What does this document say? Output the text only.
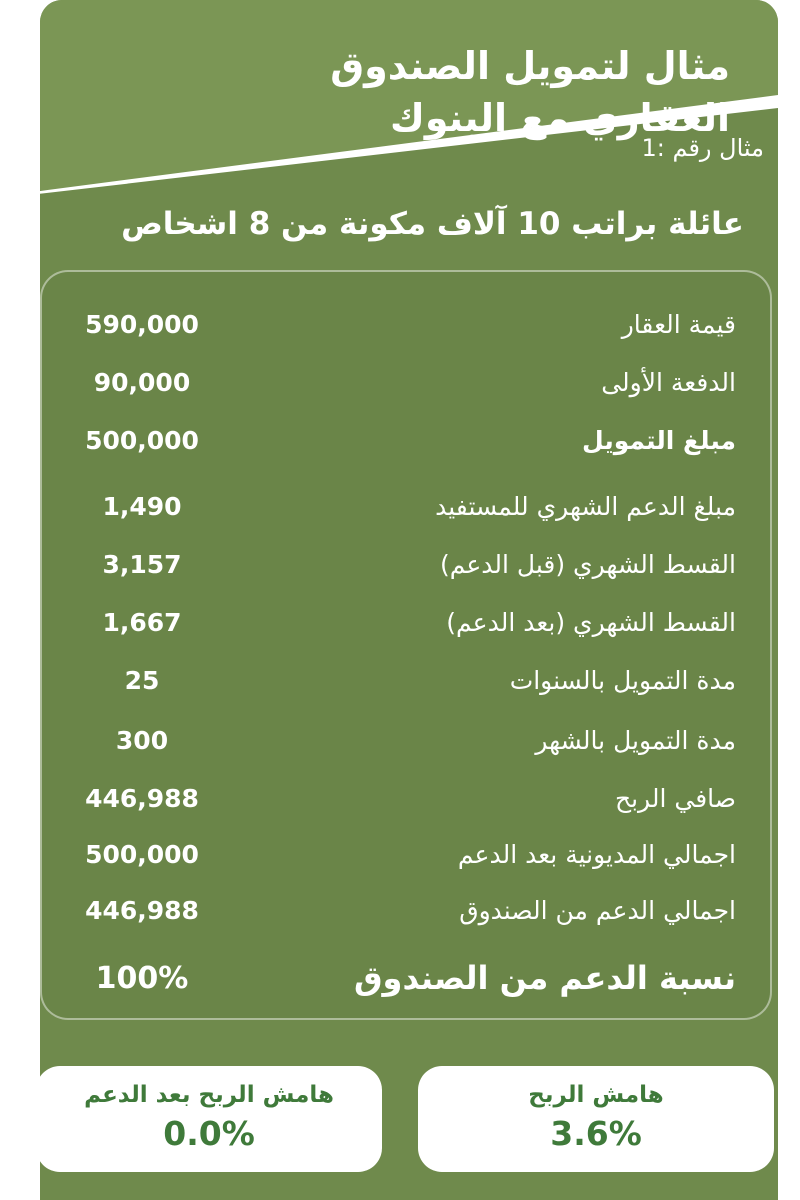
مثال لتمويل الصندوق العقاري مع البنوك
مثال رقم :1
عائلة براتب 10 آلاف مكونة من 8 اشخاص
قيمة العقار
590,000
الدفعة الأولى
90,000
مبلغ التمويل
500,000
مبلغ الدعم الشهري للمستفيد
1,490
القسط الشهري (قبل الدعم)
3,157
القسط الشهري (بعد الدعم)
1,667
مدة التمويل بالسنوات
25
مدة التمويل بالشهر
300
صافي الربح
446,988
اجمالي المديونية بعد الدعم
500,000
اجمالي الدعم من الصندوق
446,988
نسبة الدعم من الصندوق
100%
هامش الربح بعد الدعم
0.0%
هامش الربح
3.6%
